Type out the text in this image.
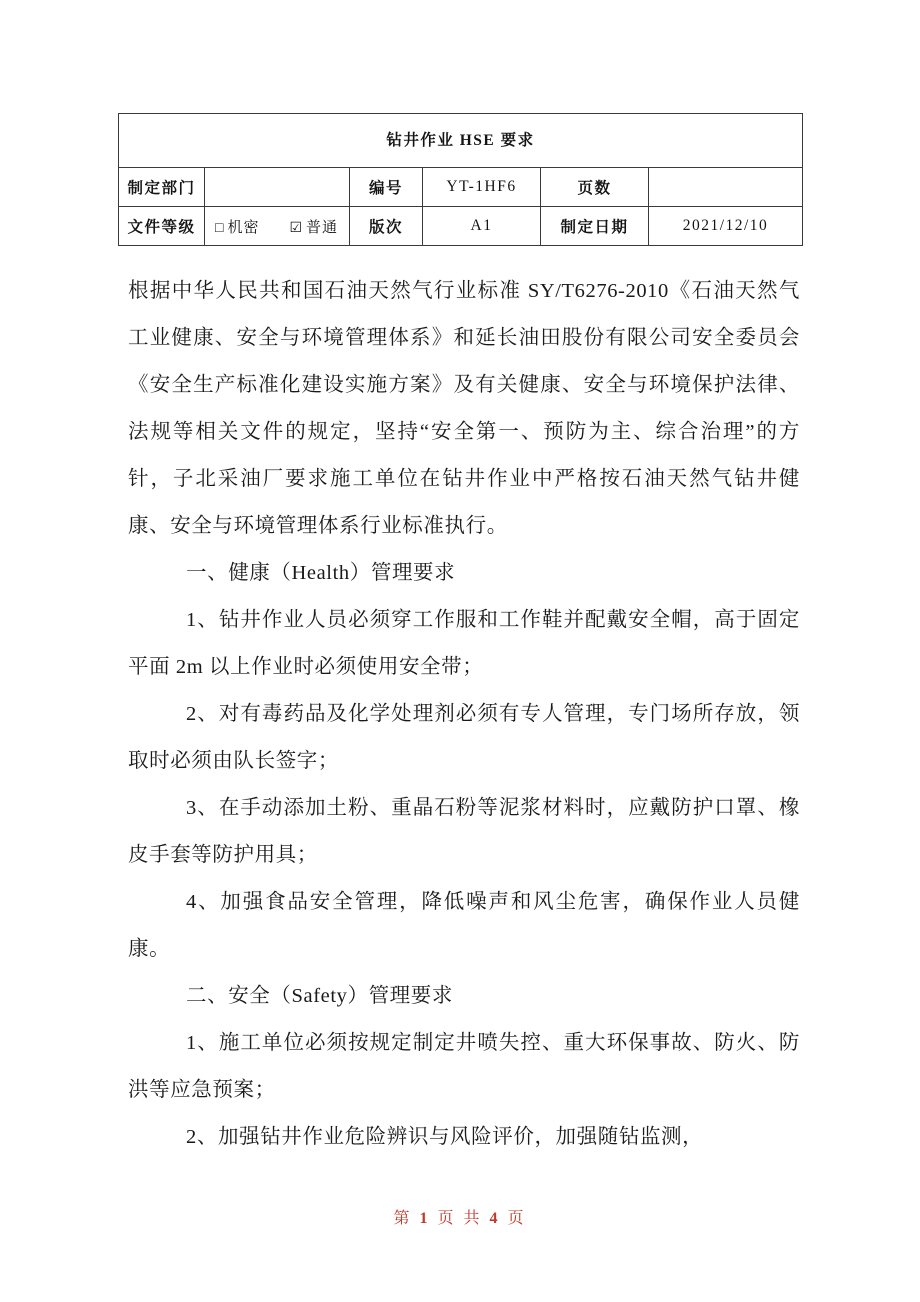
钻井作业 HSE 要求					
制定部门		编号	YT-1HF6	页数	
文件等级	□ 机密 ☑ 普通	版次	A1	制定日期	2021/12/10
根据中华人民共和国石油天然气行业标准 SY/T6276-2010《石油天然气工业健康、安全与环境管理体系》和延长油田股份有限公司安全委员会《安全生产标准化建设实施方案》及有关健康、安全与环境保护法律、法规等相关文件的规定，坚持“安全第一、预防为主、综合治理”的方针，子北采油厂要求施工单位在钻井作业中严格按石油天然气钻井健康、安全与环境管理体系行业标准执行。
一、健康（Health）管理要求
1、钻井作业人员必须穿工作服和工作鞋并配戴安全帽，高于固定平面 2m 以上作业时必须使用安全带；
2、对有毒药品及化学处理剂必须有专人管理，专门场所存放，领取时必须由队长签字；
3、在手动添加土粉、重晶石粉等泥浆材料时，应戴防护口罩、橡皮手套等防护用具；
4、加强食品安全管理，降低噪声和风尘危害，确保作业人员健康。
二、安全（Safety）管理要求
1、施工单位必须按规定制定井喷失控、重大环保事故、防火、防洪等应急预案；
2、加强钻井作业危险辨识与风险评价，加强随钻监测，
第 1 页 共 4 页
